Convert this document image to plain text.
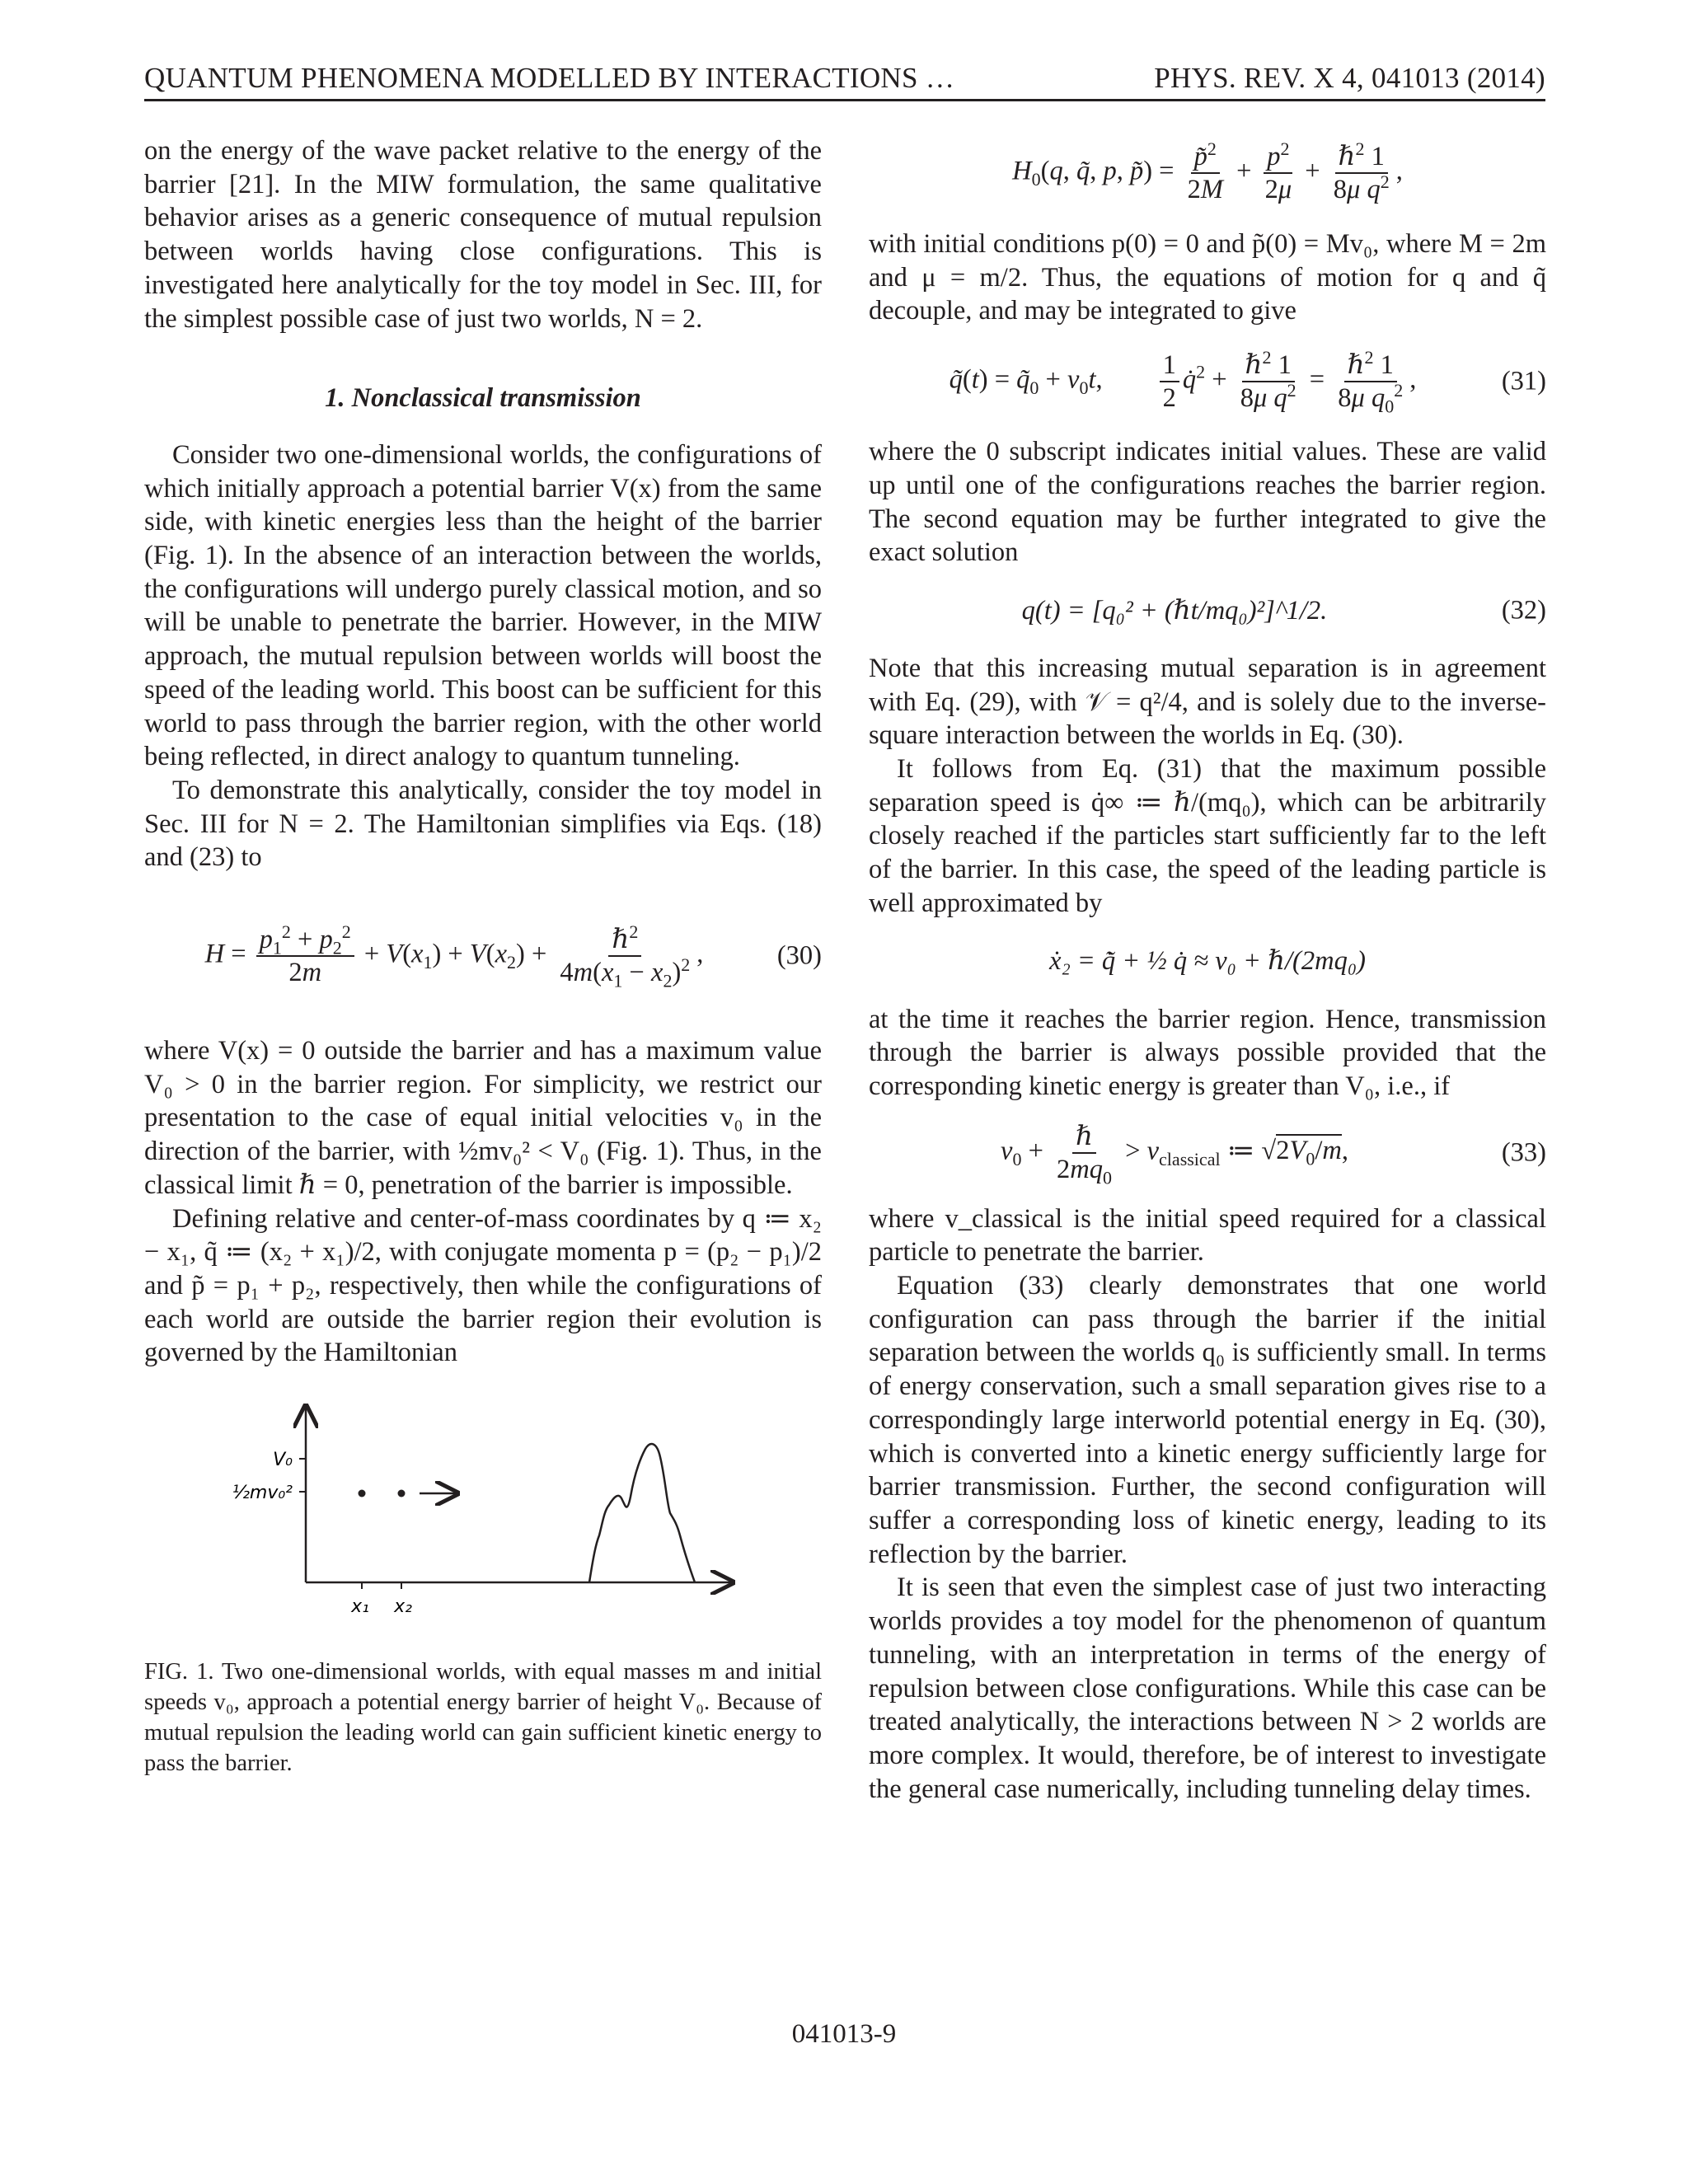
QUANTUM PHENOMENA MODELLED BY INTERACTIONS …	PHYS. REV. X 4, 041013 (2014)

on the energy of the wave packet relative to the energy of the barrier [21]. In the MIW formulation, the same qualitative behavior arises as a generic consequence of mutual repulsion between worlds having close configurations. This is investigated here analytically for the toy model in Sec. III, for the simplest possible case of just two worlds, N = 2.

1. Nonclassical transmission

Consider two one-dimensional worlds, the configurations of which initially approach a potential barrier V(x) from the same side, with kinetic energies less than the height of the barrier (Fig. 1). In the absence of an interaction between the worlds, the configurations will undergo purely classical motion, and so will be unable to penetrate the barrier. However, in the MIW approach, the mutual repulsion between worlds will boost the speed of the leading world. This boost can be sufficient for this world to pass through the barrier region, with the other world being reflected, in direct analogy to quantum tunneling.

To demonstrate this analytically, consider the toy model in Sec. III for N = 2. The Hamiltonian simplifies via Eqs. (18) and (23) to

$H = \frac{p_1^2 + p_2^2}{2m} + V(x_1) + V(x_2) + \frac{\hbar^2}{4m(x_1 - x_2)^2}$ ,	(30)

where V(x) = 0 outside the barrier and has a maximum value V₀ > 0 in the barrier region. For simplicity, we restrict our presentation to the case of equal initial velocities v₀ in the direction of the barrier, with ½mv₀² < V₀ (Fig. 1). Thus, in the classical limit ℏ = 0, penetration of the barrier is impossible.

Defining relative and center-of-mass coordinates by q ≔ x₂ − x₁, q̃ ≔ (x₂ + x₁)/2, with conjugate momenta p = (p₂ − p₁)/2 and p̃ = p₁ + p₂, respectively, then while the configurations of each world are outside the barrier region their evolution is governed by the Hamiltonian

V₀
½mv₀²
x₁ x₂
FIG. 1. Two one-dimensional worlds, with equal masses m and initial speeds v₀, approach a potential energy barrier of height V₀. Because of mutual repulsion the leading world can gain sufficient kinetic energy to pass the barrier.
$H_0(q$, q̃, p, p̃) = $\frac{p̃^2}{2M} + \frac{p^2}{2\mu} + \frac{\hbar^2 1}{8\mu q^2}$ ,

with initial conditions p(0) = 0 and p̃(0) = Mv₀, where M = 2m and μ = m/2. Thus, the equations of motion for q and q̃ decouple, and may be integrated to give

q̃(t) = $q̃_0 + v_0t$, $\frac{1}{2}$ q̇$^2$ + $\frac{\hbar^2 1}{8\mu q^2} = \frac{\hbar^2 1}{8\mu q_0^2}$ ,	(31)

where the 0 subscript indicates initial values. These are valid up until one of the configurations reaches the barrier region. The second equation may be further integrated to give the exact solution

q(t) = [q₀² + (ℏt/mq₀)²]^1/2.	(32)

Note that this increasing mutual separation is in agreement with Eq. (29), with 𝒱 = q²/4, and is solely due to the inverse-square interaction between the worlds in Eq. (30).

It follows from Eq. (31) that the maximum possible separation speed is q̇∞ ≔ ℏ/(mq₀), which can be arbitrarily closely reached if the particles start sufficiently far to the left of the barrier. In this case, the speed of the leading particle is well approximated by

ẋ₂ = q̃̇ + ½ q̇ ≈ v₀ + ℏ/(2mq₀)

at the time it reaches the barrier region. Hence, transmission through the barrier is always possible provided that the corresponding kinetic energy is greater than V₀, i.e., if

$v_0 + \frac{\text{ℏ}}{2mq_0} > v_{classical}$ ≔ $√2V_0/m$,	(33)

where v_classical is the initial speed required for a classical particle to penetrate the barrier.

Equation (33) clearly demonstrates that one world configuration can pass through the barrier if the initial separation between the worlds q₀ is sufficiently small. In terms of energy conservation, such a small separation gives rise to a correspondingly large interworld potential energy in Eq. (30), which is converted into a kinetic energy sufficiently large for barrier transmission. Further, the second configuration will suffer a corresponding loss of kinetic energy, leading to its reflection by the barrier.

It is seen that even the simplest case of just two interacting worlds provides a toy model for the phenomenon of quantum tunneling, with an interpretation in terms of the energy of repulsion between close configurations. While this case can be treated analytically, the interactions between N > 2 worlds are more complex. It would, therefore, be of interest to investigate the general case numerically, including tunneling delay times.

041013-9
